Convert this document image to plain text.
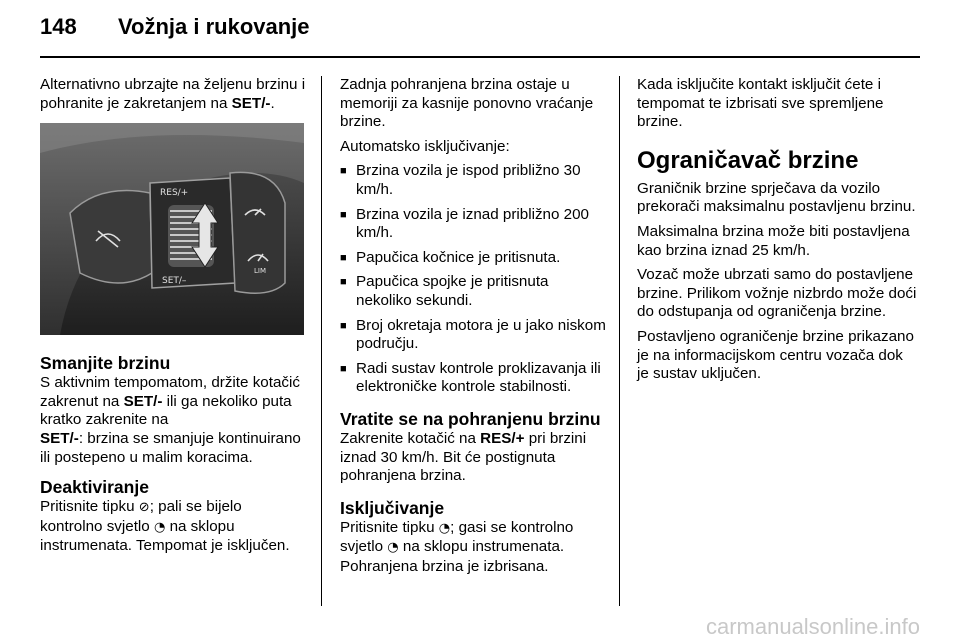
148 Vožnja i rukovanje

Alternativno ubrzajte na željenu brzinu i pohranite je zakretanjem na SET/-.

RES/+
SET/–
LIM
Smanjite brzinu

S aktivnim tempomatom, držite kotačić zakrenut na SET/- ili ga nekoliko puta kratko zakrenite na
SET/-: brzina se smanjuje kontinuirano ili postepeno u malim koracima.

Deaktiviranje

Pritisnite tipku ⊘; pali se bijelo kontrolno svjetlo ◔ na sklopu instrumenata. Tempomat je isključen.

Zadnja pohranjena brzina ostaje u memoriji za kasnije ponovno vraćanje brzine.

Automatsko isključivanje:

■ Brzina vozila je ispod približno 30 km/h.
■ Brzina vozila je iznad približno 200 km/h.
■ Papučica kočnice je pritisnuta.
■ Papučica spojke je pritisnuta nekoliko sekundi.
■ Broj okretaja motora je u jako niskom području.
■ Radi sustav kontrole proklizavanja ili elektroničke kontrole stabilnosti.
Vratite se na pohranjenu brzinu

Zakrenite kotačić na RES/+ pri brzini iznad 30 km/h. Bit će postignuta pohranjena brzina.

Isključivanje

Pritisnite tipku ◔; gasi se kontrolno svjetlo ◔ na sklopu instrumenata. Pohranjena brzina je izbrisana.

Kada isključite kontakt isključit ćete i tempomat te izbrisati sve spremljene brzine.

Ograničavač brzine

Graničnik brzine sprječava da vozilo prekorači maksimalnu postavljenu brzinu.

Maksimalna brzina može biti postavljena kao brzina iznad 25 km/h.

Vozač može ubrzati samo do postavljene brzine. Prilikom vožnje nizbrdo može doći do odstupanja od ograničenja brzine.

Postavljeno ograničenje brzine prikazano je na informacijskom centru vozača dok je sustav uključen.

carmanualsonline.info
